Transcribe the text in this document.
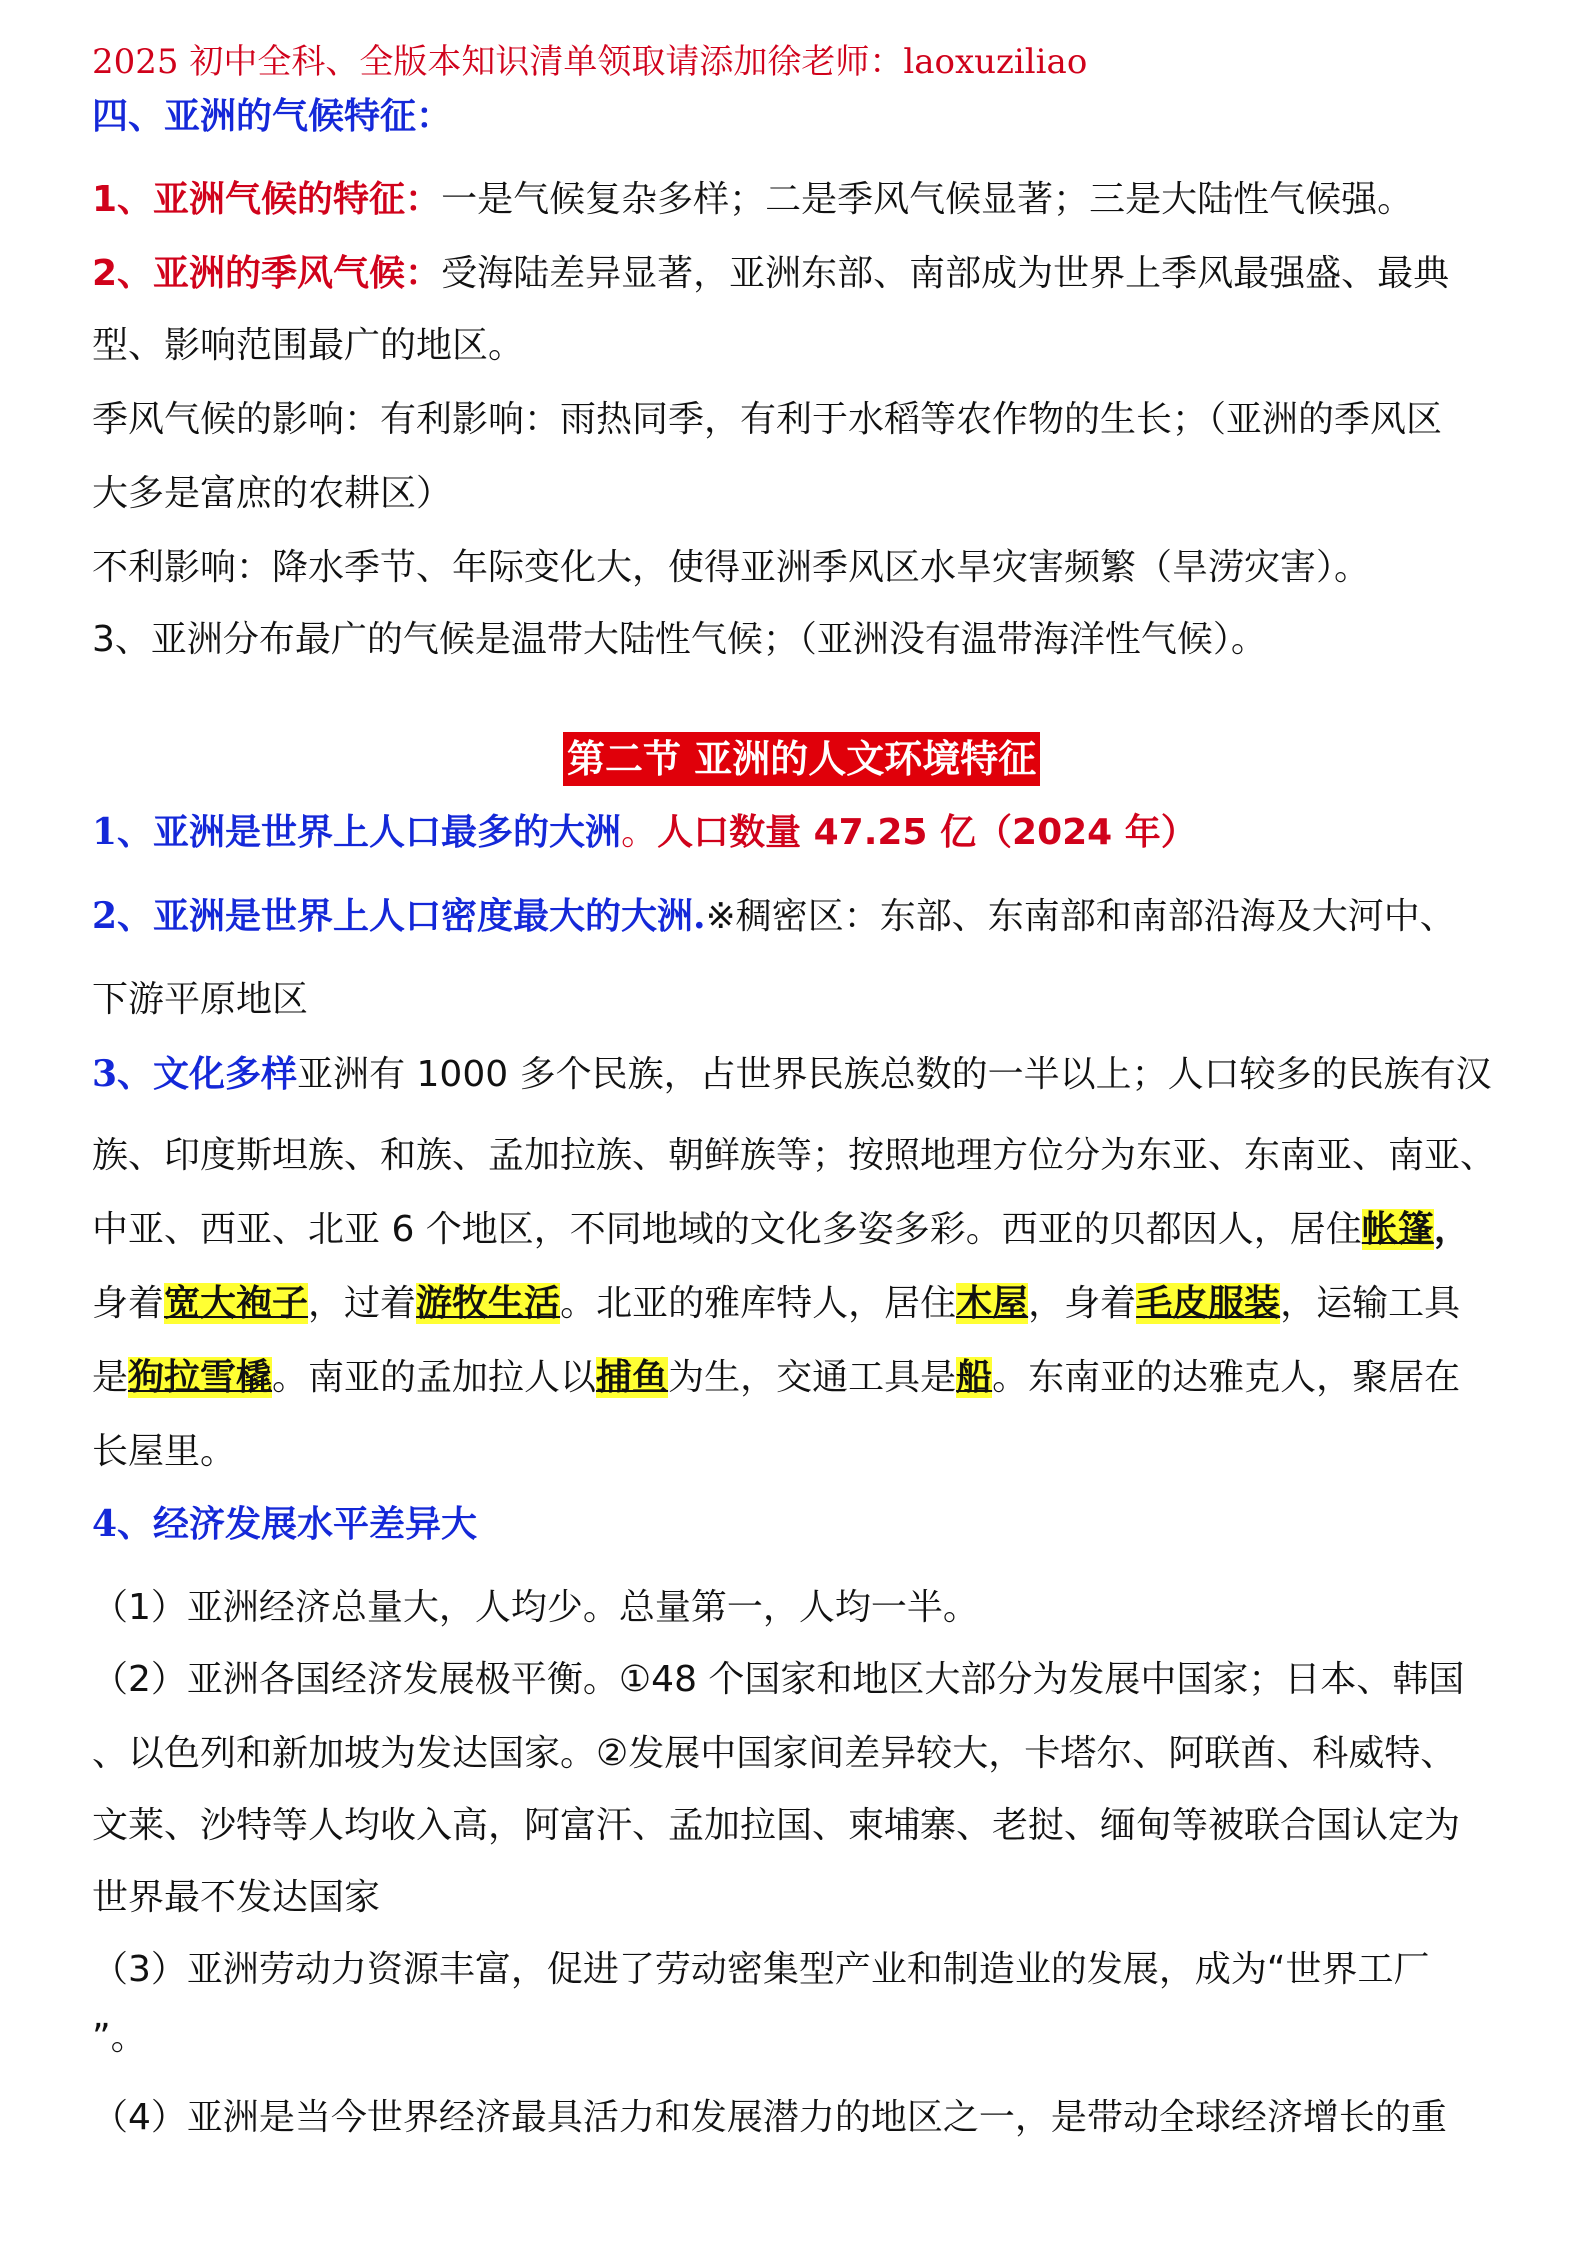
2025 初中全科、全版本知识清单领取请添加徐老师：laoxuziliao
四、亚洲的气候特征：
1、亚洲气候的特征：一是气候复杂多样；二是季风气候显著；三是大陆性气候强。
2、亚洲的季风气候：受海陆差异显著，亚洲东部、南部成为世界上季风最强盛、最典
型、影响范围最广的地区。
季风气候的影响：有利影响：雨热同季，有利于水稻等农作物的生长；（亚洲的季风区
大多是富庶的农耕区）
不利影响：降水季节、年际变化大，使得亚洲季风区水旱灾害频繁（旱涝灾害）。
3、亚洲分布最广的气候是温带大陆性气候；（亚洲没有温带海洋性气候）。
第二节 亚洲的人文环境特征
1、亚洲是世界上人口最多的大洲。人口数量 47.25 亿（2024 年）
2、亚洲是世界上人口密度最大的大洲.※稠密区：东部、东南部和南部沿海及大河中、
下游平原地区
3、文化多样亚洲有 1000 多个民族，占世界民族总数的一半以上；人口较多的民族有汉
族、印度斯坦族、和族、孟加拉族、朝鲜族等；按照地理方位分为东亚、东南亚、南亚、
中亚、西亚、北亚 6 个地区，不同地域的文化多姿多彩。西亚的贝都因人，居住帐篷，
身着宽大袍子，过着游牧生活。北亚的雅库特人，居住木屋，身着毛皮服装，运输工具
是狗拉雪橇。南亚的孟加拉人以捕鱼为生，交通工具是船。东南亚的达雅克人，聚居在
长屋里。
4、经济发展水平差异大
（1）亚洲经济总量大，人均少。总量第一，人均一半。
（2）亚洲各国经济发展极平衡。①48 个国家和地区大部分为发展中国家；日本、韩国
、以色列和新加坡为发达国家。②发展中国家间差异较大，卡塔尔、阿联酋、科威特、
文莱、沙特等人均收入高，阿富汗、孟加拉国、柬埔寨、老挝、缅甸等被联合国认定为
世界最不发达国家
（3）亚洲劳动力资源丰富，促进了劳动密集型产业和制造业的发展，成为“世界工厂
”。
（4）亚洲是当今世界经济最具活力和发展潜力的地区之一，是带动全球经济增长的重
